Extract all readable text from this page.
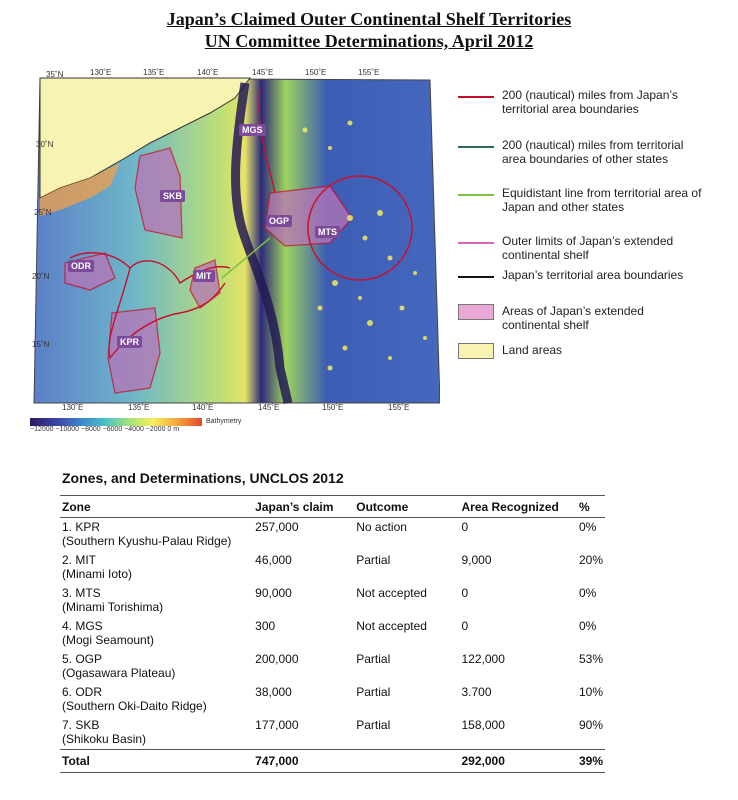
Japan’s Claimed Outer Continental Shelf Territories
UN Committee Determinations, April 2012
35˚N
30˚N
25˚N
20˚N
15˚N
130˚E	135˚E	140˚E	145˚E	150˚E	155˚E
130˚E	135˚E	140˚E	145˚E	150˚E	155˚E
MGS
SKB
OGP
MTS
ODR
MIT
KPR
Bathymetry
−12000 −10000 −8000 −6000 −4000 −2000 0 m
200 (nautical) miles from Japan’s territorial area boundaries
200 (nautical) miles from territorial area boundaries of other states
Equidistant line from territorial area of Japan and other states
Outer limits of Japan’s extended continental shelf
Japan’s territorial area boundaries
Areas of Japan’s extended continental shelf
Land areas
Zones, and Determinations, UNCLOS 2012
Zone	Japan’s claim	Outcome	Area Recognized	%
1. KPR
(Southern Kyushu-Palau Ridge)	257,000	No action	0	0%
2. MIT
(Minami Ioto)	46,000	Partial	9,000	20%
3. MTS
(Minami Torishima)	90,000	Not accepted	0	0%
4. MGS
(Mogi Seamount)	300	Not accepted	0	0%
5. OGP
(Ogasawara Plateau)	200,000	Partial	122,000	53%
6. ODR
(Southern Oki-Daito Ridge)	38,000	Partial	3.700	10%
7. SKB
(Shikoku Basin)	177,000	Partial	158,000	90%
Total	747,000		292,000	39%
